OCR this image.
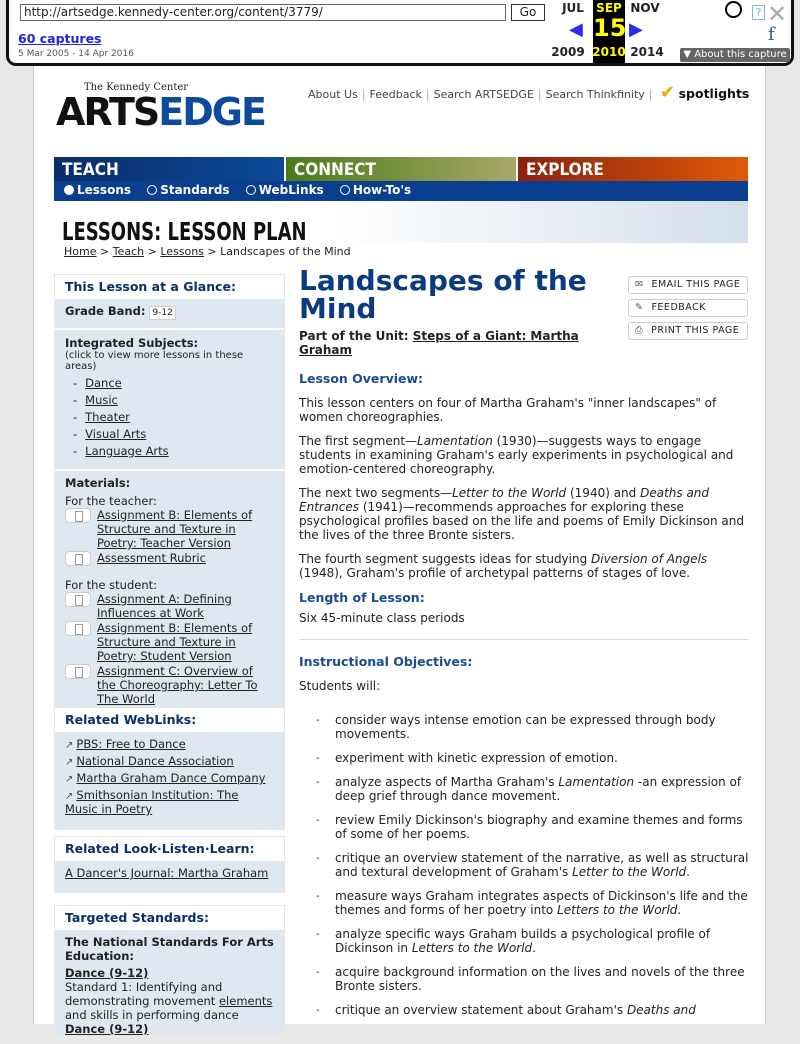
http://artsedge.kennedy-center.org/content/3779/	Go
60 captures
5 Mar 2005 - 14 Apr 2016
JUL	SEP NOV
◀ 15 ▶
2009 2010 2014
? ✕
f
▼ About this capture
The Kennedy Center
ARTSEDGE	About Us | Feedback | Search ARTSEDGE | Search Thinkfinity | ✔ spotlights
TEACH	CONNECT	EXPLORE
Lessons Standards WebLinks How-To's
LESSONS: LESSON PLAN
Home > Teach > Lessons > Landscapes of the Mind
This Lesson at a Glance:
Grade Band: 9-12
Integrated Subjects:
(click to view more lessons in these areas)
- Dance
- Music
- Theater
- Visual Arts
- Language Arts
Materials:
For the teacher:
Assignment B: Elements of Structure and Texture in Poetry: Teacher Version
Assessment Rubric
For the student:
Assignment A: Defining Influences at Work
Assignment B: Elements of Structure and Texture in Poetry: Student Version
Assignment C: Overview of the Choreography: Letter To The World
Related WebLinks:
↗ PBS: Free to Dance
↗ National Dance Association
↗ Martha Graham Dance Company
↗ Smithsonian Institution: The Music in Poetry
Related Look·Listen·Learn:
A Dancer's Journal: Martha Graham
Targeted Standards:
The National Standards For Arts Education:
Dance (9-12)
Standard 1: Identifying and demonstrating movement elements and skills in performing dance
Dance (9-12)
✉ EMAIL THIS PAGE
✎ FEEDBACK
⎙ PRINT THIS PAGE
Landscapes of the Mind
Part of the Unit: Steps of a Giant: Martha Graham
Lesson Overview:

This lesson centers on four of Martha Graham's "inner landscapes" of women choreographies.

The first segment—Lamentation (1930)—suggests ways to engage students in examining Graham's early experiments in psychological and emotion-centered choreography.

The next two segments—Letter to the World (1940) and Deaths and Entrances (1941)—recommends approaches for exploring these psychological profiles based on the life and poems of Emily Dickinson and the lives of the three Bronte sisters.

The fourth segment suggests ideas for studying Diversion of Angels (1948), Graham's profile of archetypal patterns of stages of love.

Length of Lesson:

Six 45-minute class periods

Instructional Objectives:

Students will:

- consider ways intense emotion can be expressed through body movements.
- experiment with kinetic expression of emotion.
- analyze aspects of Martha Graham's Lamentation -an expression of deep grief through dance movement.
- review Emily Dickinson's biography and examine themes and forms of some of her poems.
- critique an overview statement of the narrative, as well as structural and textural development of Graham's Letter to the World.
- measure ways Graham integrates aspects of Dickinson's life and the themes and forms of her poetry into Letters to the World.
- analyze specific ways Graham builds a psychological profile of Dickinson in Letters to the World.
- acquire background information on the lives and novels of the three Bronte sisters.
- critique an overview statement about Graham's Deaths and
